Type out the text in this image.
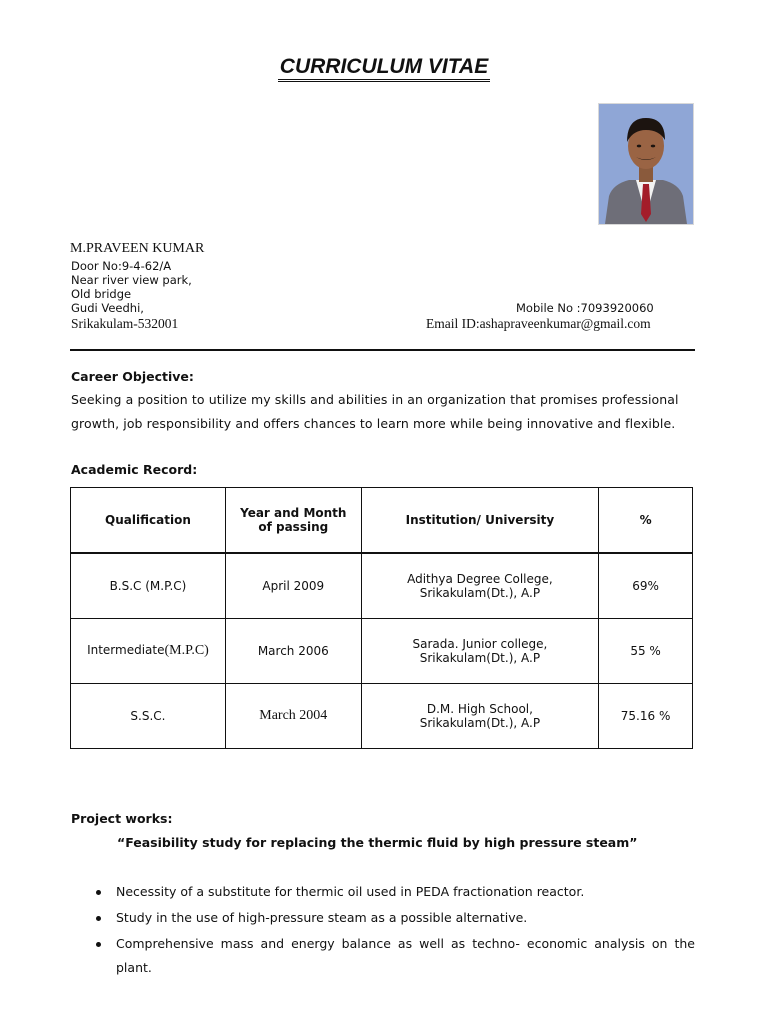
CURRICULUM VITAE
M.PRAVEEN KUMAR
Door No:9-4-62/A
Near river view park,
Old bridge
Gudi Veedhi,
Srikakulam-532001
Mobile No :7093920060
Email ID:ashapraveenkumar@gmail.com
Career Objective:
Seeking a position to utilize my skills and abilities in an organization that promises professional
growth, job responsibility and offers chances to learn more while being innovative and flexible.
Academic Record:
Qualification	Year and Month of passing	Institution/ University	%
B.S.C (M.P.C)	April 2009	Adithya Degree College,
Srikakulam(Dt.), A.P	69%
Intermediate(M.P.C)	March 2006	Sarada. Junior college,
Srikakulam(Dt.), A.P	55 %
S.S.C.	March 2004	D.M. High School,
Srikakulam(Dt.), A.P	75.16 %
Project works:
“Feasibility study for replacing the thermic fluid by high pressure steam”
Necessity of a substitute for thermic oil used in PEDA fractionation reactor.
Study in the use of high-pressure steam as a possible alternative.
Comprehensive mass and energy balance as well as techno- economic analysis on the plant.
